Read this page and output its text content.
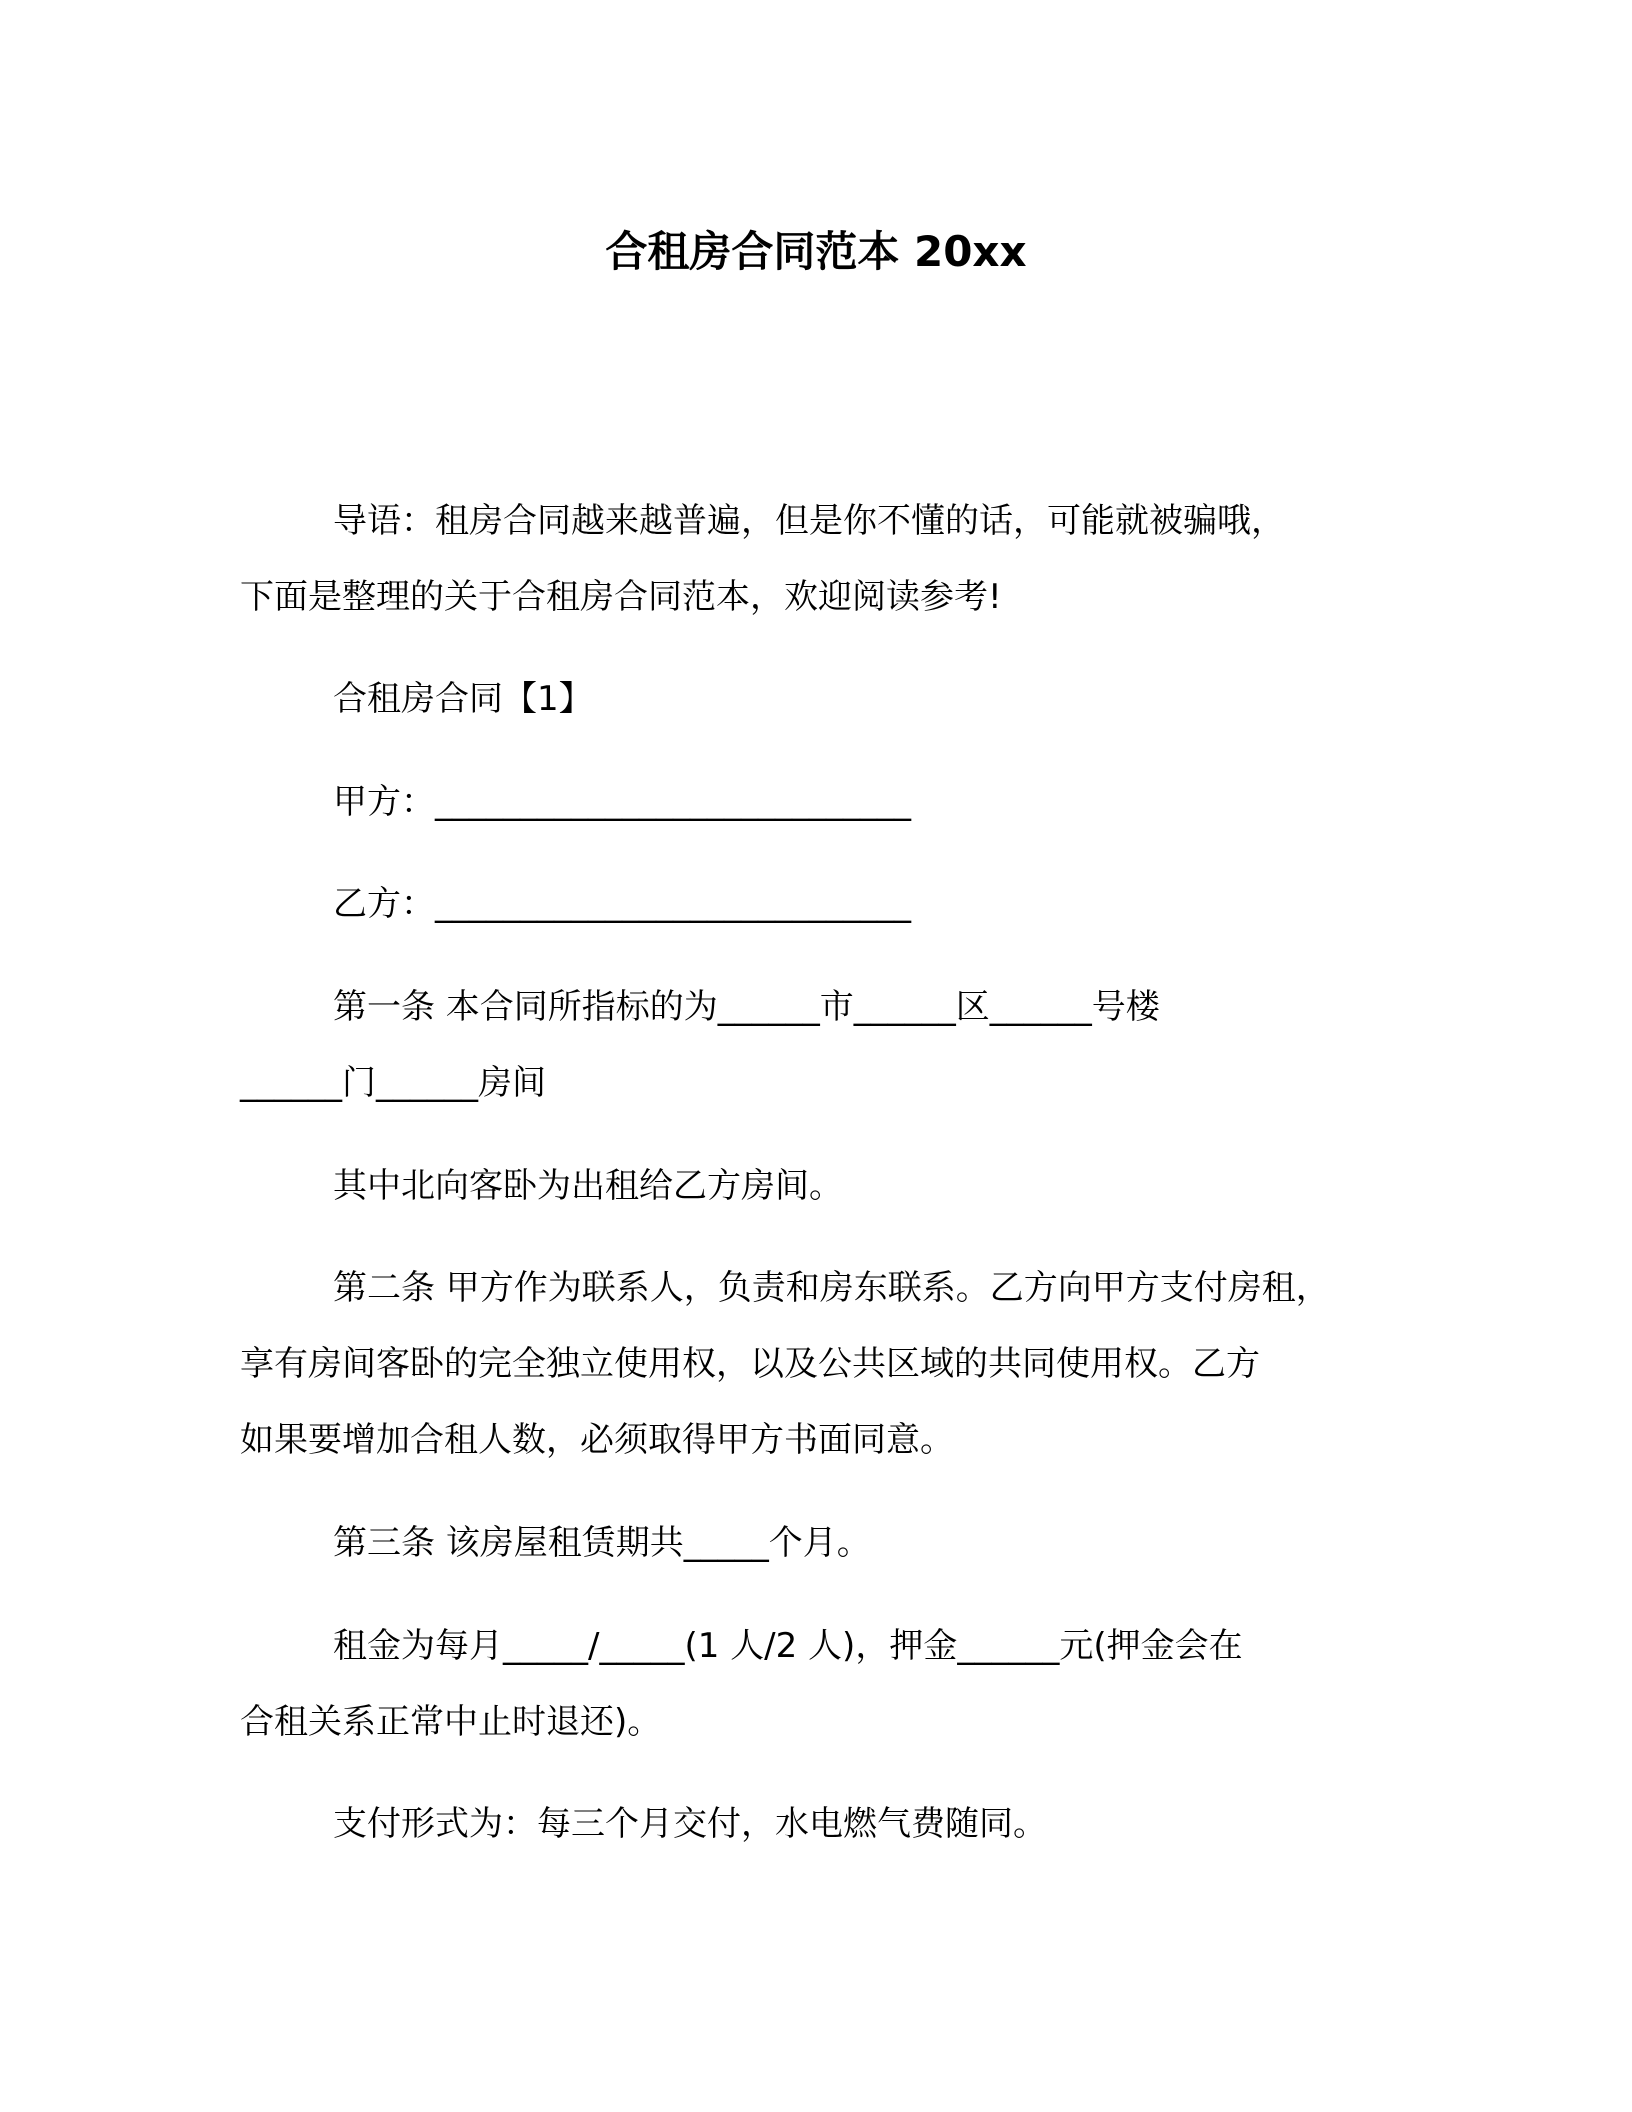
合租房合同范本 20xx

导语：租房合同越来越普遍，但是你不懂的话，可能就被骗哦，

下面是整理的关于合租房合同范本，欢迎阅读参考!

合租房合同【1】

甲方：____________________________

乙方：____________________________

第一条 本合同所指标的为______市______区______号楼

______门______房间

其中北向客卧为出租给乙方房间。

第二条 甲方作为联系人，负责和房东联系。乙方向甲方支付房租，

享有房间客卧的完全独立使用权，以及公共区域的共同使用权。乙方

如果要增加合租人数，必须取得甲方书面同意。

第三条 该房屋租赁期共_____个月。

租金为每月_____/_____(1 人/2 人)，押金______元(押金会在

合租关系正常中止时退还)。

支付形式为：每三个月交付，水电燃气费随同。
